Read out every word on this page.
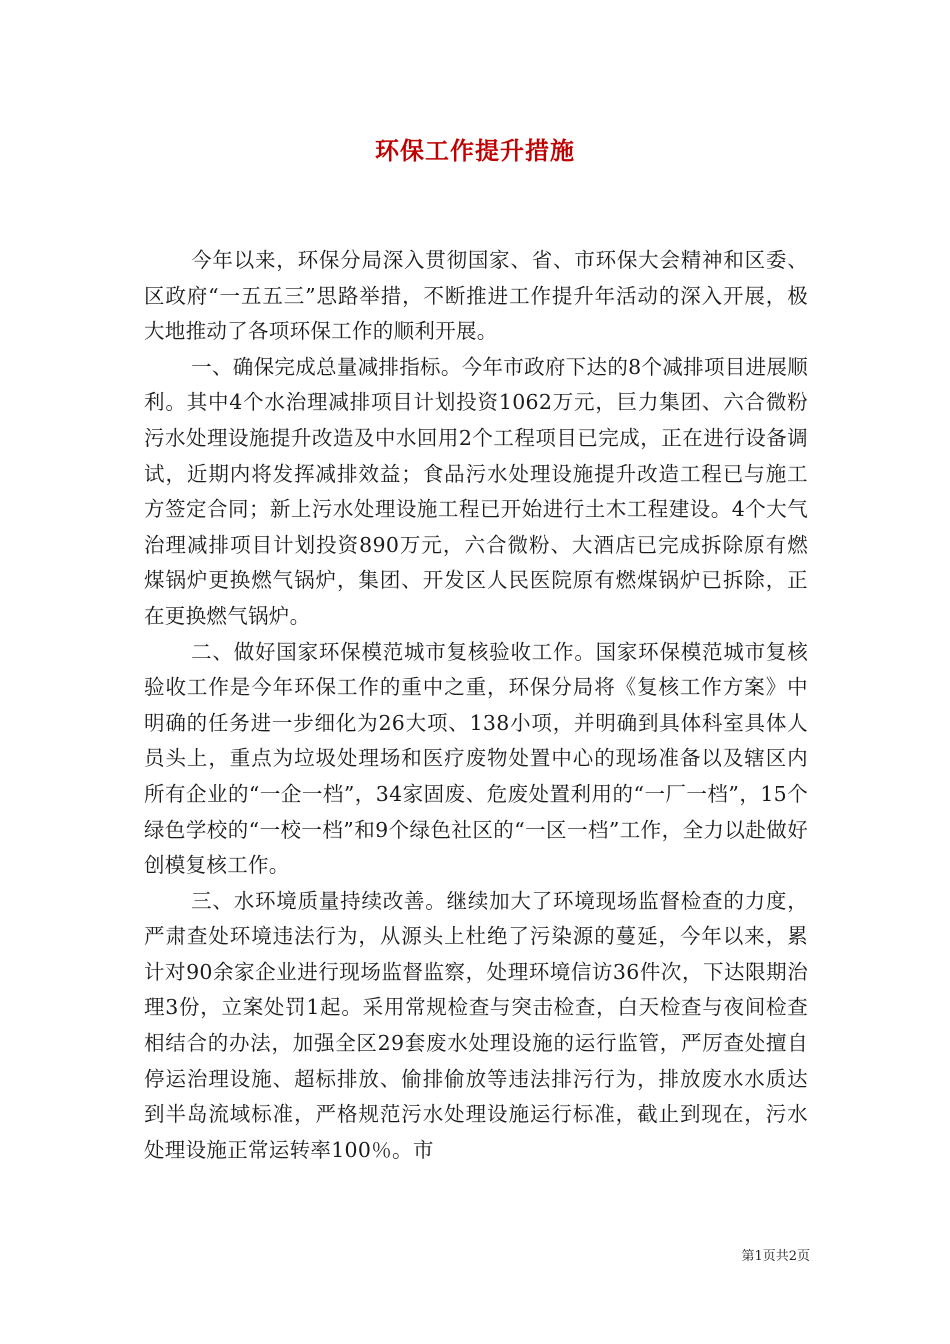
环保工作提升措施

今年以来，环保分局深入贯彻国家、省、市环保大会精神和区委、区政府“一五五三”思路举措，不断推进工作提升年活动的深入开展，极大地推动了各项环保工作的顺利开展。

一、确保完成总量减排指标。今年市政府下达的8个减排项目进展顺利。其中4个水治理减排项目计划投资1062万元，巨力集团、六合微粉污水处理设施提升改造及中水回用2个工程项目已完成，正在进行设备调试，近期内将发挥减排效益；食品污水处理设施提升改造工程已与施工方签定合同；新上污水处理设施工程已开始进行土木工程建设。4个大气治理减排项目计划投资890万元，六合微粉、大酒店已完成拆除原有燃煤锅炉更换燃气锅炉，集团、开发区人民医院原有燃煤锅炉已拆除，正在更换燃气锅炉。

二、做好国家环保模范城市复核验收工作。国家环保模范城市复核验收工作是今年环保工作的重中之重，环保分局将《复核工作方案》中明确的任务进一步细化为26大项、138小项，并明确到具体科室具体人员头上，重点为垃圾处理场和医疗废物处置中心的现场准备以及辖区内所有企业的“一企一档”，34家固废、危废处置利用的“一厂一档”，15个绿色学校的“一校一档”和9个绿色社区的“一区一档”工作，全力以赴做好创模复核工作。

三、水环境质量持续改善。继续加大了环境现场监督检查的力度，严肃查处环境违法行为，从源头上杜绝了污染源的蔓延，今年以来，累计对90余家企业进行现场监督监察，处理环境信访36件次，下达限期治理3份，立案处罚1起。采用常规检查与突击检查，白天检查与夜间检查相结合的办法，加强全区29套废水处理设施的运行监管，严厉查处擅自停运治理设施、超标排放、偷排偷放等违法排污行为，排放废水水质达到半岛流域标准，严格规范污水处理设施运行标准，截止到现在，污水处理设施正常运转率100％。市

第1页共2页
